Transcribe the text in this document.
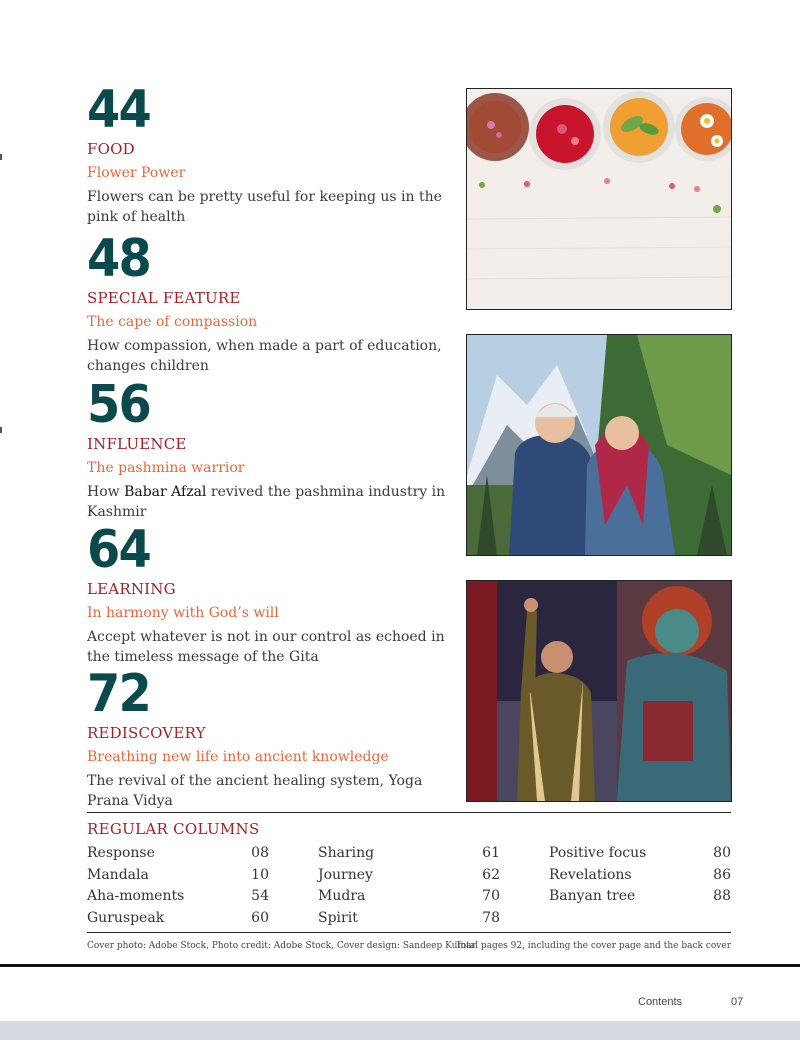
44
FOOD
Flower Power
Flowers can be pretty useful for keeping us in the pink of health
48
SPECIAL FEATURE
The cape of compassion
How compassion, when made a part of education, changes children
56
INFLUENCE
The pashmina warrior
How Babar Afzal revived the pashmina industry in Kashmir
64
LEARNING
In harmony with God’s will
Accept whatever is not in our control as echoed in the timeless message of the Gita
72
REDISCOVERY
Breathing new life into ancient knowledge
The revival of the ancient healing system, Yoga Prana Vidya
REGULAR COLUMNS
Response	08
Mandala	10
Aha-moments	54
Guruspeak	60
Sharing	61
Journey	62
Mudra	70
Spirit	78
Positive focus	80
Revelations	86
Banyan tree	88
Cover photo: Adobe Stock, Photo credit: Adobe Stock, Cover design: Sandeep Kumar
Total pages 92, including the cover page and the back cover
Contents	07
